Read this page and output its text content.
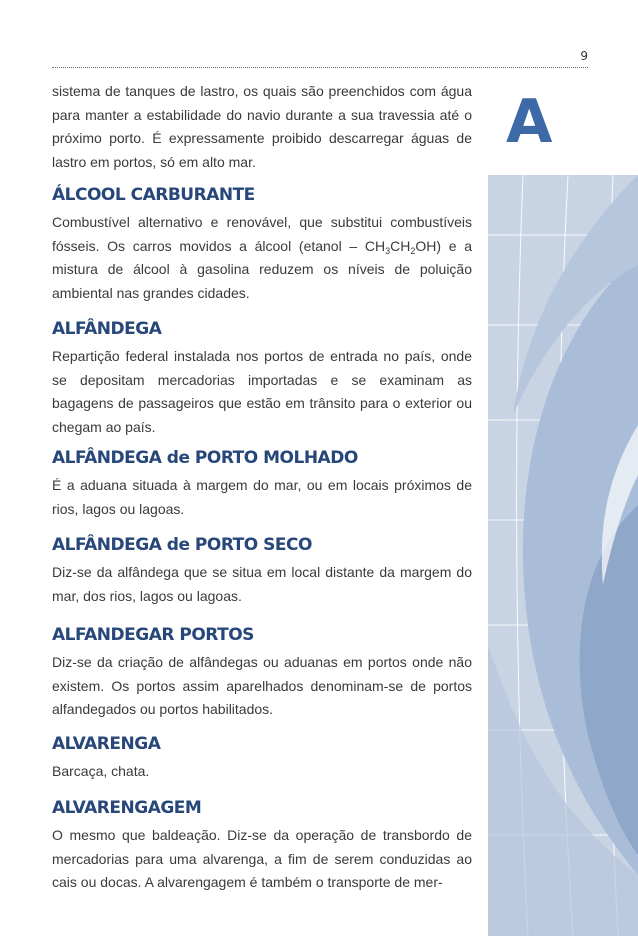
9
A

sistema de tanques de lastro, os quais são preenchidos com água para manter a estabilidade do navio durante a sua travessia até o próximo porto. É expressamente proibido descarregar águas de lastro em portos, só em alto mar.

ÁLCOOL CARBURANTE

Combustível alternativo e renovável, que substitui combustíveis fósseis. Os carros movidos a álcool (etanol – $CH_3CH_2OH$) e a mistura de álcool à gasolina reduzem os níveis de poluição ambiental nas grandes cidades.

ALFÂNDEGA

Repartição federal instalada nos portos de entrada no país, onde se depositam mercadorias importadas e se examinam as bagagens de passageiros que estão em trânsito para o exterior ou chegam ao país.

ALFÂNDEGA de PORTO MOLHADO

É a aduana situada à margem do mar, ou em locais próximos de rios, lagos ou lagoas.

ALFÂNDEGA de PORTO SECO

Diz-se da alfândega que se situa em local distante da margem do mar, dos rios, lagos ou lagoas.

ALFANDEGAR PORTOS

Diz-se da criação de alfândegas ou aduanas em portos onde não existem. Os portos assim aparelhados denominam-se de portos alfandegados ou portos habilitados.

ALVARENGA

Barcaça, chata.

ALVARENGAGEM

O mesmo que baldeação. Diz-se da operação de transbordo de mercadorias para uma alvarenga, a fim de serem conduzidas ao cais ou docas. A alvarengagem é também o transporte de mer-
